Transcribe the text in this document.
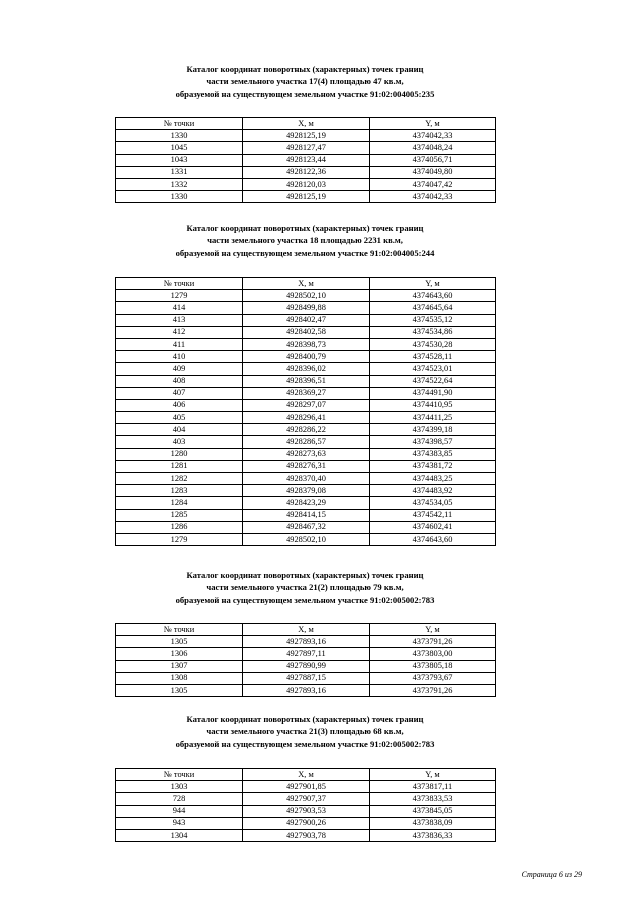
Каталог координат поворотных (характерных) точек границ
части земельного участка 17(4) площадью 47 кв.м,
образуемой на существующем земельном участке 91:02:004005:235

№ точки	X, м	Y, м
1330	4928125,19	4374042,33
1045	4928127,47	4374048,24
1043	4928123,44	4374056,71
1331	4928122,36	4374049,80
1332	4928120,03	4374047,42
1330	4928125,19	4374042,33

Каталог координат поворотных (характерных) точек границ
части земельного участка 18 площадью 2231 кв.м,
образуемой на существующем земельном участке 91:02:004005:244

№ точки	X, м	Y, м
1279	4928502,10	4374643,60
414	4928499,88	4374645,64
413	4928402,47	4374535,12
412	4928402,58	4374534,86
411	4928398,73	4374530,28
410	4928400,79	4374528,11
409	4928396,02	4374523,01
408	4928396,51	4374522,64
407	4928369,27	4374491,90
406	4928297,07	4374410,95
405	4928296,41	4374411,25
404	4928286,22	4374399,18
403	4928286,57	4374398,57
1280	4928273,63	4374383,85
1281	4928276,31	4374381,72
1282	4928370,40	4374483,25
1283	4928379,08	4374483,92
1284	4928423,29	4374534,05
1285	4928414,15	4374542,11
1286	4928467,32	4374602,41
1279	4928502,10	4374643,60

Каталог координат поворотных (характерных) точек границ
части земельного участка 21(2) площадью 79 кв.м,
образуемой на существующем земельном участке 91:02:005002:783

№ точки	X, м	Y, м
1305	4927893,16	4373791,26
1306	4927897,11	4373803,00
1307	4927890,99	4373805,18
1308	4927887,15	4373793,67
1305	4927893,16	4373791,26

Каталог координат поворотных (характерных) точек границ
части земельного участка 21(3) площадью 68 кв.м,
образуемой на существующем земельном участке 91:02:005002:783

№ точки	X, м	Y, м
1303	4927901,85	4373817,11
728	4927907,37	4373833,53
944	4927903,53	4373845,05
943	4927900,26	4373838,09
1304	4927903,78	4373836,33
Страница 6 из 29
